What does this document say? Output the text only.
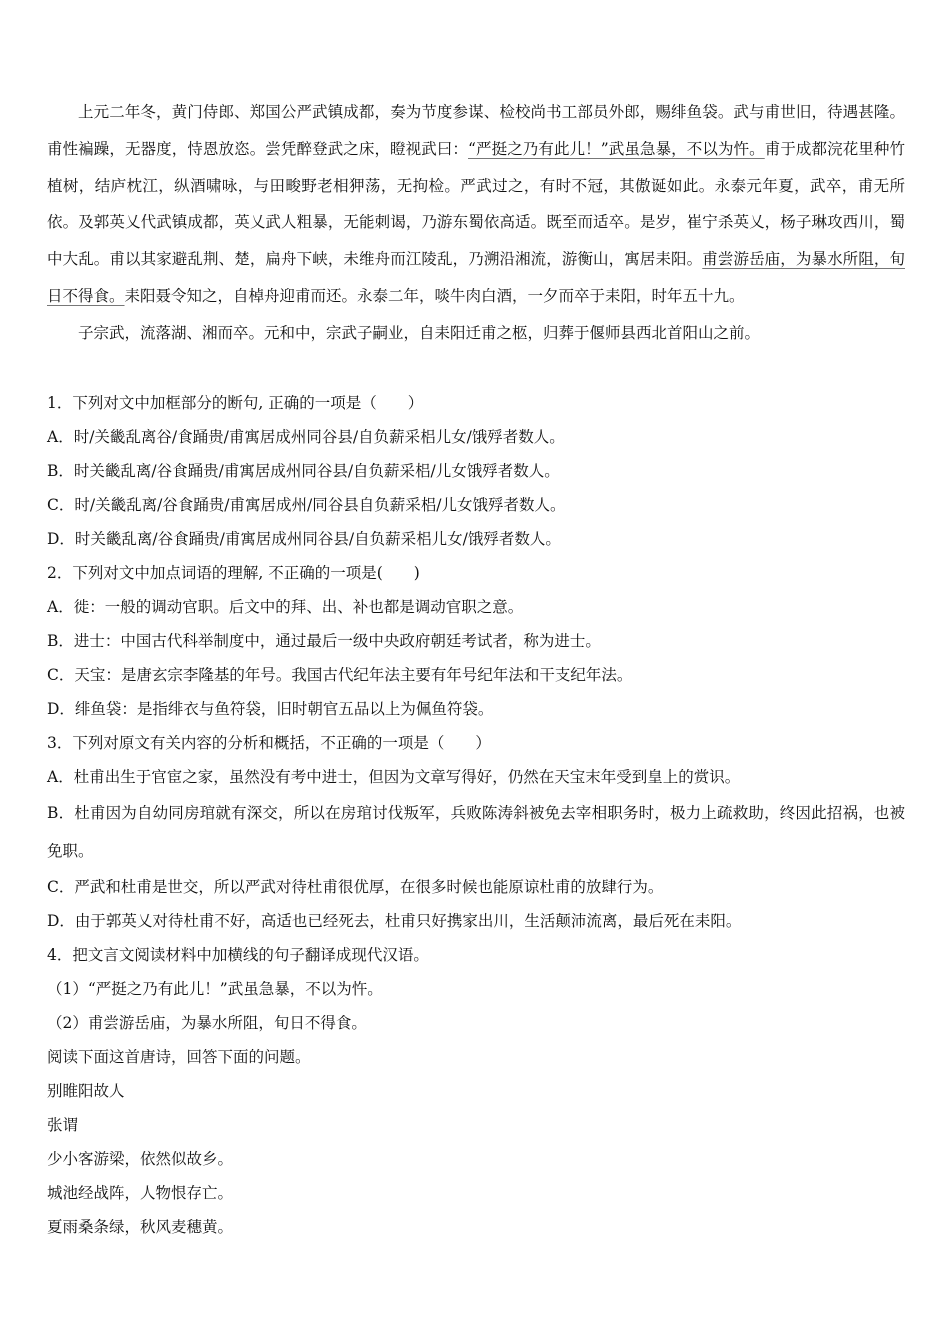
上元二年冬，黄门侍郎、郑国公严武镇成都，奏为节度参谋、检校尚书工部员外郎，赐绯鱼袋。武与甫世旧，待遇甚隆。甫性褊躁，无器度，恃恩放恣。尝凭醉登武之床，瞪视武曰：“严挺之乃有此儿！”武虽急暴，不以为忤。甫于成都浣花里种竹植树，结庐枕江，纵酒啸咏，与田畯野老相狎荡，无拘检。严武过之，有时不冠，其傲诞如此。永泰元年夏，武卒，甫无所依。及郭英乂代武镇成都，英乂武人粗暴，无能刺谒，乃游东蜀依高适。既至而适卒。是岁，崔宁杀英乂，杨子琳攻西川，蜀中大乱。甫以其家避乱荆、楚，扁舟下峡，未维舟而江陵乱，乃溯沿湘流，游衡山，寓居耒阳。甫尝游岳庙，为暴水所阻，旬日不得食。耒阳聂令知之，自棹舟迎甫而还。永泰二年，啖牛肉白酒，一夕而卒于耒阳，时年五十九。

子宗武，流落湖、湘而卒。元和中，宗武子嗣业，自耒阳迁甫之柩，归葬于偃师县西北首阳山之前。

1．下列对文中加框部分的断句, 正确的一项是（　　）
A．时/关畿乱离谷/食踊贵/甫寓居成州同谷县/自负薪采梠儿女/饿殍者数人。
B．时关畿乱离/谷食踊贵/甫寓居成州同谷县/自负薪采梠/儿女饿殍者数人。
C．时/关畿乱离/谷食踊贵/甫寓居成州/同谷县自负薪采梠/儿女饿殍者数人。
D．时关畿乱离/谷食踊贵/甫寓居成州同谷县/自负薪采梠儿女/饿殍者数人。
2．下列对文中加点词语的理解, 不正确的一项是(　　)
A．徙：一般的调动官职。后文中的拜、出、补也都是调动官职之意。
B．进士：中国古代科举制度中，通过最后一级中央政府朝廷考试者，称为进士。
C．天宝：是唐玄宗李隆基的年号。我国古代纪年法主要有年号纪年法和干支纪年法。
D．绯鱼袋：是指绯衣与鱼符袋，旧时朝官五品以上为佩鱼符袋。
3．下列对原文有关内容的分析和概括，不正确的一项是（　　）
A．杜甫出生于官宦之家，虽然没有考中进士，但因为文章写得好，仍然在天宝末年受到皇上的赏识。
B．杜甫因为自幼同房琯就有深交，所以在房琯讨伐叛军，兵败陈涛斜被免去宰相职务时，极力上疏救助，终因此招祸，也被免职。
C．严武和杜甫是世交，所以严武对待杜甫很优厚，在很多时候也能原谅杜甫的放肆行为。
D．由于郭英乂对待杜甫不好，高适也已经死去，杜甫只好携家出川，生活颠沛流离，最后死在耒阳。
4．把文言文阅读材料中加横线的句子翻译成现代汉语。
（1）“严挺之乃有此儿！”武虽急暴，不以为忤。
（2）甫尝游岳庙，为暴水所阻，旬日不得食。
阅读下面这首唐诗，回答下面的问题。
别睢阳故人
张谓
少小客游梁，依然似故乡。
城池经战阵，人物恨存亡。
夏雨桑条绿，秋风麦穗黄。
